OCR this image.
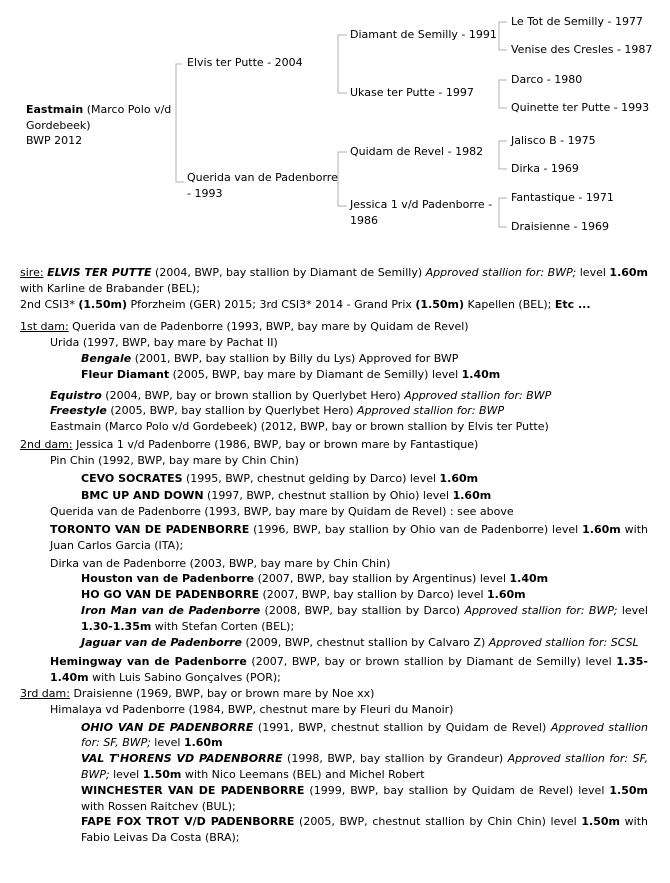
Eastmain (Marco Polo v/d
Gordebeek)
BWP 2012
Elvis ter Putte - 2004
Querida van de Padenborre
- 1993
Diamant de Semilly - 1991
Ukase ter Putte - 1997
Quidam de Revel - 1982
Jessica 1 v/d Padenborre -
1986
Le Tot de Semilly - 1977
Venise des Cresles - 1987
Darco - 1980
Quinette ter Putte - 1993
Jalisco B - 1975
Dirka - 1969
Fantastique - 1971
Draisienne - 1969

sire: ELVIS TER PUTTE (2004, BWP, bay stallion by Diamant de Semilly) Approved stallion for: BWP; level 1.60m with Karline de Brabander (BEL);

2nd CSI3* (1.50m) Pforzheim (GER) 2015; 3rd CSI3* 2014 - Grand Prix (1.50m) Kapellen (BEL); Etc ...

1st dam: Querida van de Padenborre (1993, BWP, bay mare by Quidam de Revel)

Urida (1997, BWP, bay mare by Pachat II)

Bengale (2001, BWP, bay stallion by Billy du Lys) Approved for BWP

Fleur Diamant (2005, BWP, bay mare by Diamant de Semilly) level 1.40m

Equistro (2004, BWP, bay or brown stallion by Querlybet Hero) Approved stallion for: BWP

Freestyle (2005, BWP, bay stallion by Querlybet Hero) Approved stallion for: BWP

Eastmain (Marco Polo v/d Gordebeek) (2012, BWP, bay or brown stallion by Elvis ter Putte)

2nd dam: Jessica 1 v/d Padenborre (1986, BWP, bay or brown mare by Fantastique)

Pin Chin (1992, BWP, bay mare by Chin Chin)

CEVO SOCRATES (1995, BWP, chestnut gelding by Darco) level 1.60m

BMC UP AND DOWN (1997, BWP, chestnut stallion by Ohio) level 1.60m

Querida van de Padenborre (1993, BWP, bay mare by Quidam de Revel) : see above

TORONTO VAN DE PADENBORRE (1996, BWP, bay stallion by Ohio van de Padenborre) level 1.60m with Juan Carlos Garcia (ITA);

Dirka van de Padenborre (2003, BWP, bay mare by Chin Chin)

Houston van de Padenborre (2007, BWP, bay stallion by Argentinus) level 1.40m

HO GO VAN DE PADENBORRE (2007, BWP, bay stallion by Darco) level 1.60m

Iron Man van de Padenborre (2008, BWP, bay stallion by Darco) Approved stallion for: BWP; level 1.30-1.35m with Stefan Corten (BEL);

Jaguar van de Padenborre (2009, BWP, chestnut stallion by Calvaro Z) Approved stallion for: SCSL

Hemingway van de Padenborre (2007, BWP, bay or brown stallion by Diamant de Semilly) level 1.35-1.40m with Luis Sabino Gonçalves (POR);

3rd dam: Draisienne (1969, BWP, bay or brown mare by Noe xx)

Himalaya vd Padenborre (1984, BWP, chestnut mare by Fleuri du Manoir)

OHIO VAN DE PADENBORRE (1991, BWP, chestnut stallion by Quidam de Revel) Approved stallion for: SF, BWP; level 1.60m

VAL T'HORENS VD PADENBORRE (1998, BWP, bay stallion by Grandeur) Approved stallion for: SF, BWP; level 1.50m with Nico Leemans (BEL) and Michel Robert

WINCHESTER VAN DE PADENBORRE (1999, BWP, bay stallion by Quidam de Revel) level 1.50m with Rossen Raitchev (BUL);

FAPE FOX TROT V/D PADENBORRE (2005, BWP, chestnut stallion by Chin Chin) level 1.50m with Fabio Leivas Da Costa (BRA);
